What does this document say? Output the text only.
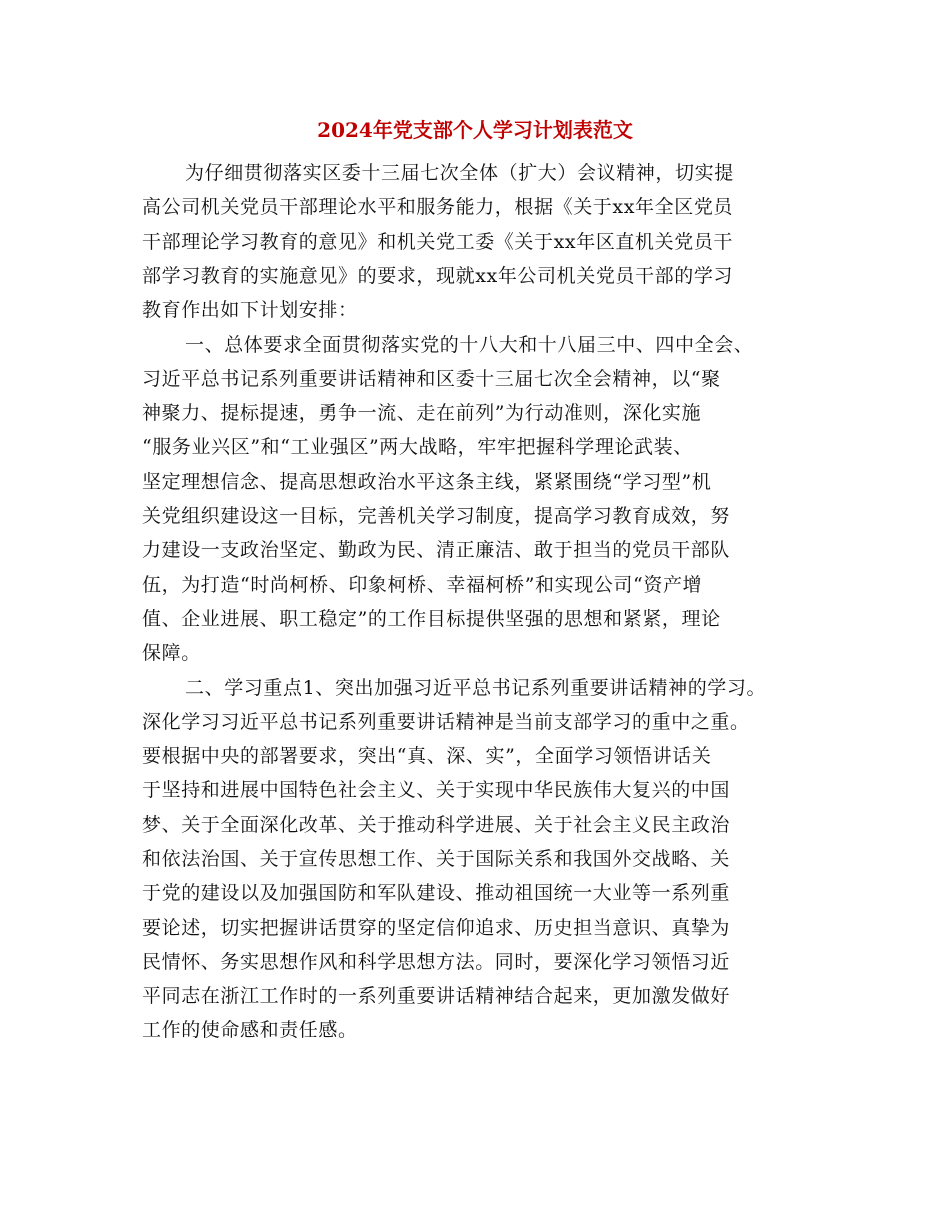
2024年党支部个人学习计划表范文
为仔细贯彻落实区委十三届七次全体（扩大）会议精神，切实提
高公司机关党员干部理论水平和服务能力，根据《关于xx年全区党员
干部理论学习教育的意见》和机关党工委《关于xx年区直机关党员干
部学习教育的实施意见》的要求，现就xx年公司机关党员干部的学习
教育作出如下计划安排：
一、总体要求全面贯彻落实党的十八大和十八届三中、四中全会、
习近平总书记系列重要讲话精神和区委十三届七次全会精神，以“聚
神聚力、提标提速，勇争一流、走在前列”为行动准则，深化实施
“服务业兴区”和“工业强区”两大战略，牢牢把握科学理论武装、
坚定理想信念、提高思想政治水平这条主线，紧紧围绕“学习型”机
关党组织建设这一目标，完善机关学习制度，提高学习教育成效，努
力建设一支政治坚定、勤政为民、清正廉洁、敢于担当的党员干部队
伍，为打造“时尚柯桥、印象柯桥、幸福柯桥”和实现公司“资产增
值、企业进展、职工稳定”的工作目标提供坚强的思想和紧紧，理论
保障。
二、学习重点1、突出加强习近平总书记系列重要讲话精神的学习。
深化学习习近平总书记系列重要讲话精神是当前支部学习的重中之重。
要根据中央的部署要求，突出“真、深、实”，全面学习领悟讲话关
于坚持和进展中国特色社会主义、关于实现中华民族伟大复兴的中国
梦、关于全面深化改革、关于推动科学进展、关于社会主义民主政治
和依法治国、关于宣传思想工作、关于国际关系和我国外交战略、关
于党的建设以及加强国防和军队建设、推动祖国统一大业等一系列重
要论述，切实把握讲话贯穿的坚定信仰追求、历史担当意识、真挚为
民情怀、务实思想作风和科学思想方法。同时，要深化学习领悟习近
平同志在浙江工作时的一系列重要讲话精神结合起来，更加激发做好
工作的使命感和责任感。
